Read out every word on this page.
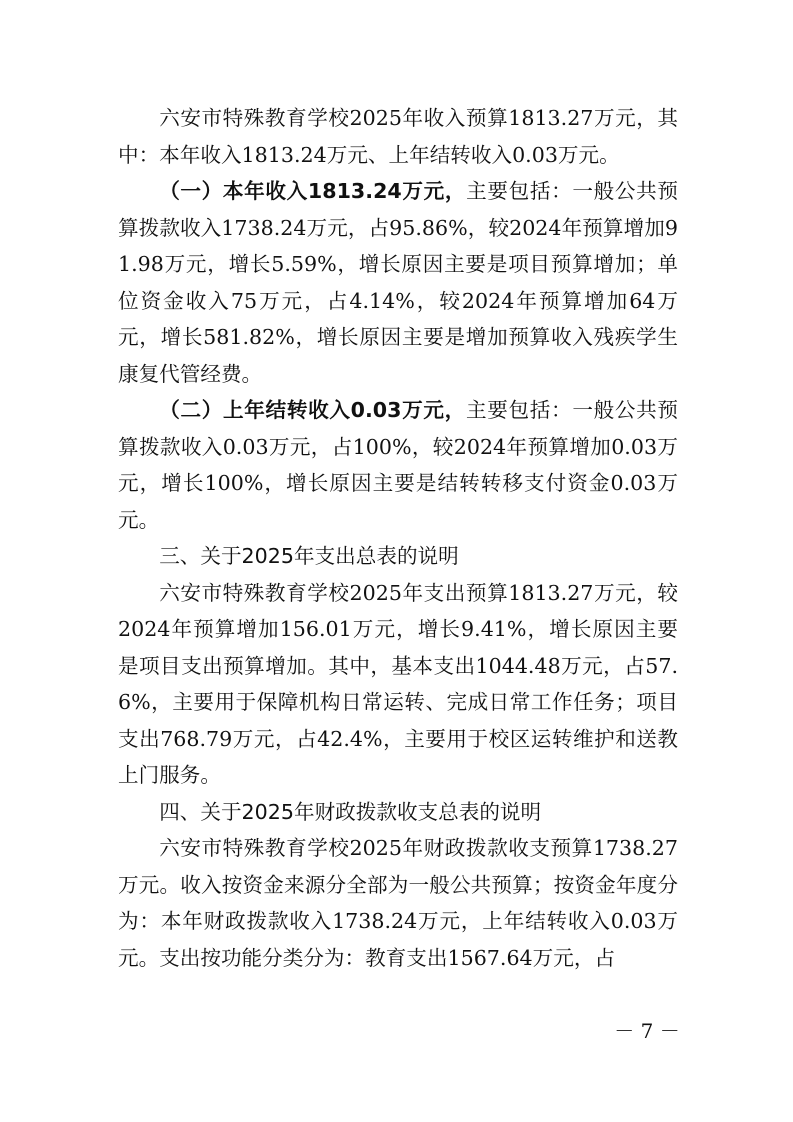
六安市特殊教育学校2025年收入预算1813.27万元，其中：本年收入1813.24万元、上年结转收入0.03万元。

（一）本年收入1813.24万元，主要包括：一般公共预算拨款收入1738.24万元，占95.86%，较2024年预算增加91.98万元，增长5.59%，增长原因主要是项目预算增加；单位资金收入75万元，占4.14%，较2024年预算增加64万元，增长581.82%，增长原因主要是增加预算收入残疾学生康复代管经费。

（二）上年结转收入0.03万元，主要包括：一般公共预算拨款收入0.03万元，占100%，较2024年预算增加0.03万元，增长100%，增长原因主要是结转转移支付资金0.03万元。

三、关于2025年支出总表的说明

六安市特殊教育学校2025年支出预算1813.27万元，较2024年预算增加156.01万元，增长9.41%，增长原因主要是项目支出预算增加。其中，基本支出1044.48万元，占57.6%，主要用于保障机构日常运转、完成日常工作任务；项目支出768.79万元，占42.4%，主要用于校区运转维护和送教上门服务。

四、关于2025年财政拨款收支总表的说明

六安市特殊教育学校2025年财政拨款收支预算1738.27万元。收入按资金来源分全部为一般公共预算；按资金年度分为：本年财政拨款收入1738.24万元，上年结转收入0.03万元。支出按功能分类分为：教育支出1567.64万元，占

－ 7 －
